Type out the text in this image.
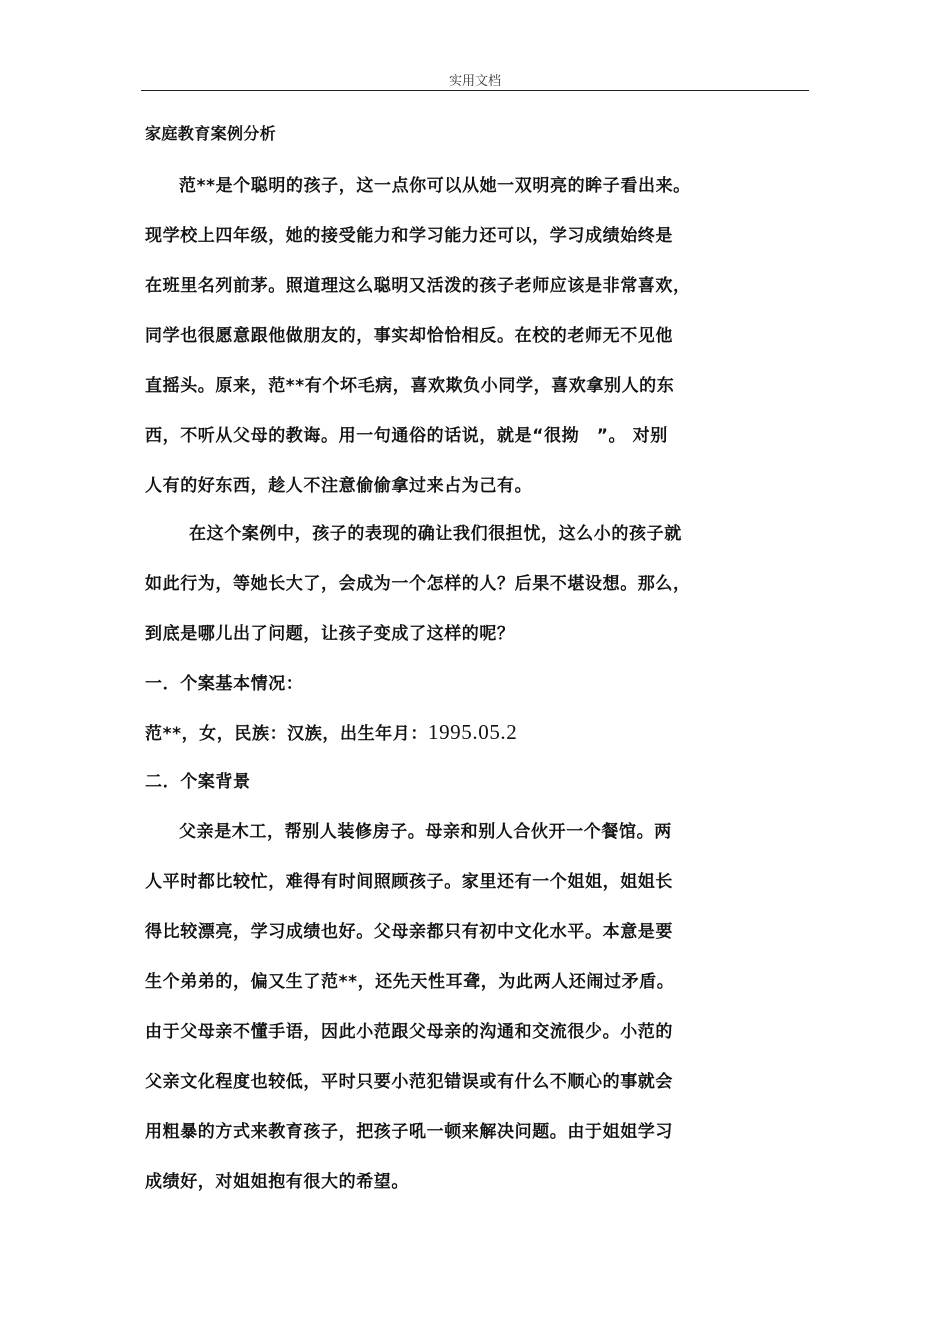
实用文档
家庭教育案例分析
范**是个聪明的孩子，这一点你可以从她一双明亮的眸子看出来。
现学校上四年级，她的接受能力和学习能力还可以，学习成绩始终是
在班里名列前茅。照道理这么聪明又活泼的孩子老师应该是非常喜欢，
同学也很愿意跟他做朋友的，事实却恰恰相反。在校的老师无不见他
直摇头。原来，范**有个坏毛病，喜欢欺负小同学，喜欢拿别人的东
西，不听从父母的教诲。用一句通俗的话说，就是“很拗　”。 对别
人有的好东西，趁人不注意偷偷拿过来占为己有。
在这个案例中，孩子的表现的确让我们很担忧，这么小的孩子就
如此行为，等她长大了，会成为一个怎样的人？后果不堪设想。那么，
到底是哪儿出了问题，让孩子变成了这样的呢？
一．个案基本情况：
范**，女，民族：汉族，出生年月：1995.05.2
二．个案背景
父亲是木工，帮别人装修房子。母亲和别人合伙开一个餐馆。两
人平时都比较忙，难得有时间照顾孩子。家里还有一个姐姐，姐姐长
得比较漂亮，学习成绩也好。父母亲都只有初中文化水平。本意是要
生个弟弟的，偏又生了范**，还先天性耳聋，为此两人还闹过矛盾。
由于父母亲不懂手语，因此小范跟父母亲的沟通和交流很少。小范的
父亲文化程度也较低，平时只要小范犯错误或有什么不顺心的事就会
用粗暴的方式来教育孩子，把孩子吼一顿来解决问题。由于姐姐学习
成绩好，对姐姐抱有很大的希望。
